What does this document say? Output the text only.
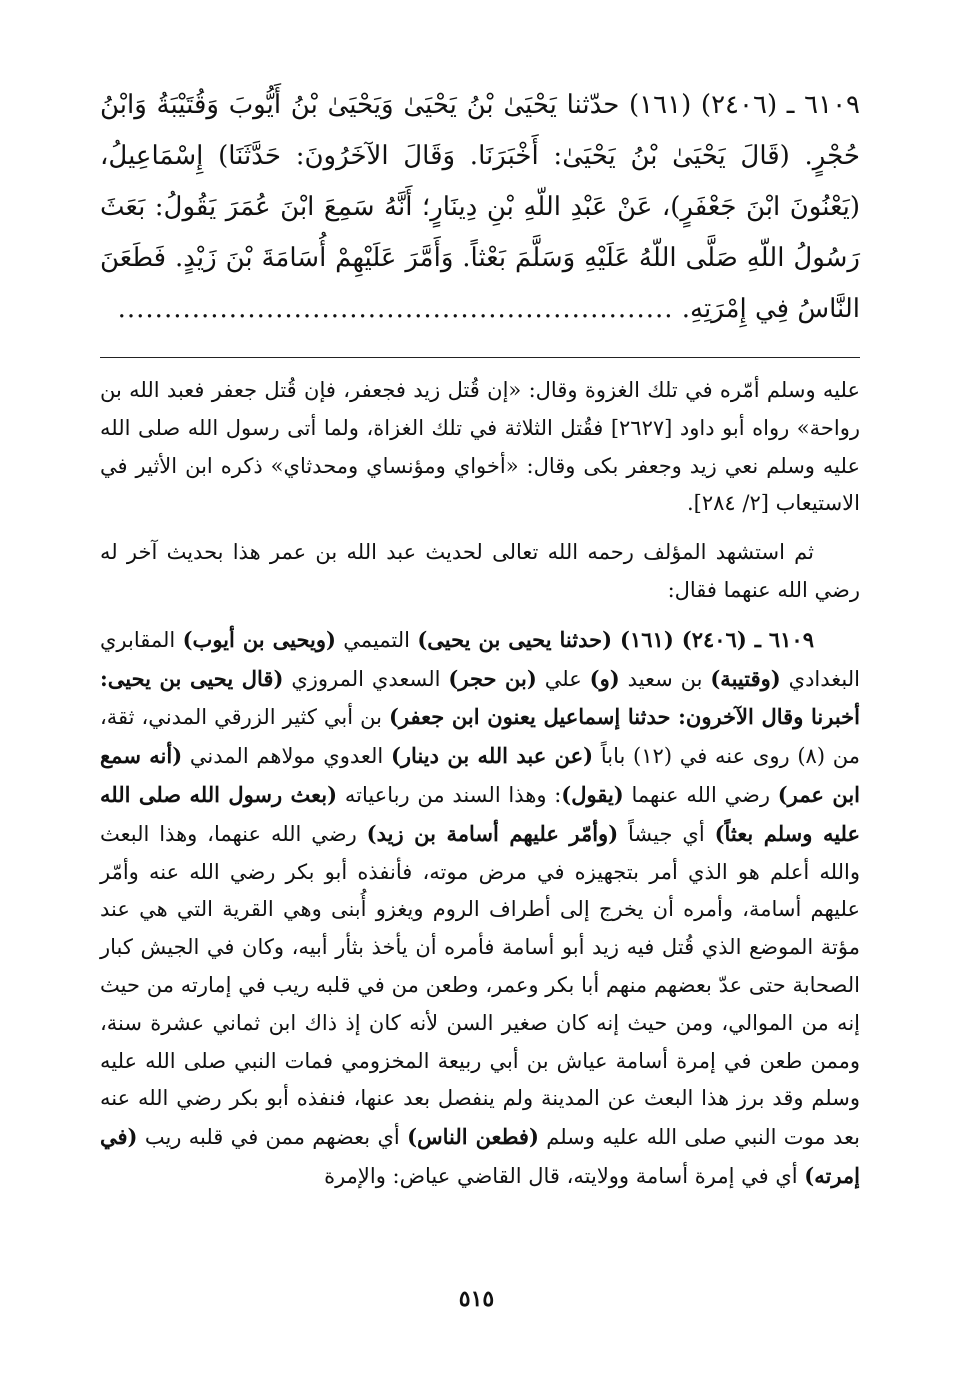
٦١٠٩ ـ (٢٤٠٦) (١٦١) حدّثنا يَحْيَىٰ بْنُ يَحْيَىٰ وَيَحْيَىٰ بْنُ أَيُّوبَ وَقُتَيْبَةُ وَابْنُ حُجْرٍ. (قَالَ يَحْيَىٰ بْنُ يَحْيَىٰ: أَخْبَرَنَا. وَقَالَ الآخَرُونَ: حَدَّثَنَا) إِسْمَاعِيلُ، (يَعْنُونَ ابْنَ جَعْفَرٍ)، عَنْ عَبْدِ اللّهِ بْنِ دِينَارٍ؛ أَنَّهُ سَمِعَ ابْنَ عُمَرَ يَقُولُ: بَعَثَ رَسُولُ اللّهِ صَلَّى اللّهُ عَلَيْهِ وَسَلَّمَ بَعْثاً. وَأَمَّرَ عَلَيْهِمْ أُسَامَةَ بْنَ زَيْدٍ. فَطَعَنَ النَّاسُ فِي إِمْرَتِهِ. ............................................................

عليه وسلم أمّره في تلك الغزوة وقال: «إن قُتل زيد فجعفر، فإن قُتل جعفر فعبد الله بن رواحة» رواه أبو داود [٢٦٢٧] فقُتل الثلاثة في تلك الغزاة، ولما أتى رسول الله صلى الله عليه وسلم نعي زيد وجعفر بكى وقال: «أخواي ومؤنساي ومحدثاي» ذكره ابن الأثير في الاستيعاب [٢/ ٢٨٤].

ثم استشهد المؤلف رحمه الله تعالى لحديث عبد الله بن عمر هذا بحديث آخر له رضي الله عنهما فقال:

٦١٠٩ ـ (٢٤٠٦) (١٦١) (حدثنا يحيى بن يحيى) التميمي (ويحيى بن أيوب) المقابري البغدادي (وقتيبة) بن سعيد (و) علي (بن حجر) السعدي المروزي (قال يحيى بن يحيى: أخبرنا وقال الآخرون: حدثنا إسماعيل يعنون ابن جعفر) بن أبي كثير الزرقي المدني، ثقة، من (٨) روى عنه في (١٢) باباً (عن عبد الله بن دينار) العدوي مولاهم المدني (أنه سمع ابن عمر) رضي الله عنهما (يقول): وهذا السند من رباعياته (بعث رسول الله صلى الله عليه وسلم بعثاً) أي جيشاً (وأمّر عليهم أسامة بن زيد) رضي الله عنهما، وهذا البعث والله أعلم هو الذي أمر بتجهيزه في مرض موته، فأنفذه أبو بكر رضي الله عنه وأمّر عليهم أسامة، وأمره أن يخرج إلى أطراف الروم ويغزو أُبنى وهي القرية التي هي عند مؤتة الموضع الذي قُتل فيه زيد أبو أسامة فأمره أن يأخذ بثأر أبيه، وكان في الجيش كبار الصحابة حتى عدّ بعضهم منهم أبا بكر وعمر، وطعن من في قلبه ريب في إمارته من حيث إنه من الموالي، ومن حيث إنه كان صغير السن لأنه كان إذ ذاك ابن ثماني عشرة سنة، وممن طعن في إمرة أسامة عياش بن أبي ربيعة المخزومي فمات النبي صلى الله عليه وسلم وقد برز هذا البعث عن المدينة ولم ينفصل بعد عنها، فنفذه أبو بكر رضي الله عنه بعد موت النبي صلى الله عليه وسلم (فطعن الناس) أي بعضهم ممن في قلبه ريب (في إمرته) أي في إمرة أسامة وولايته، قال القاضي عياض: والإمرة

٥١٥
